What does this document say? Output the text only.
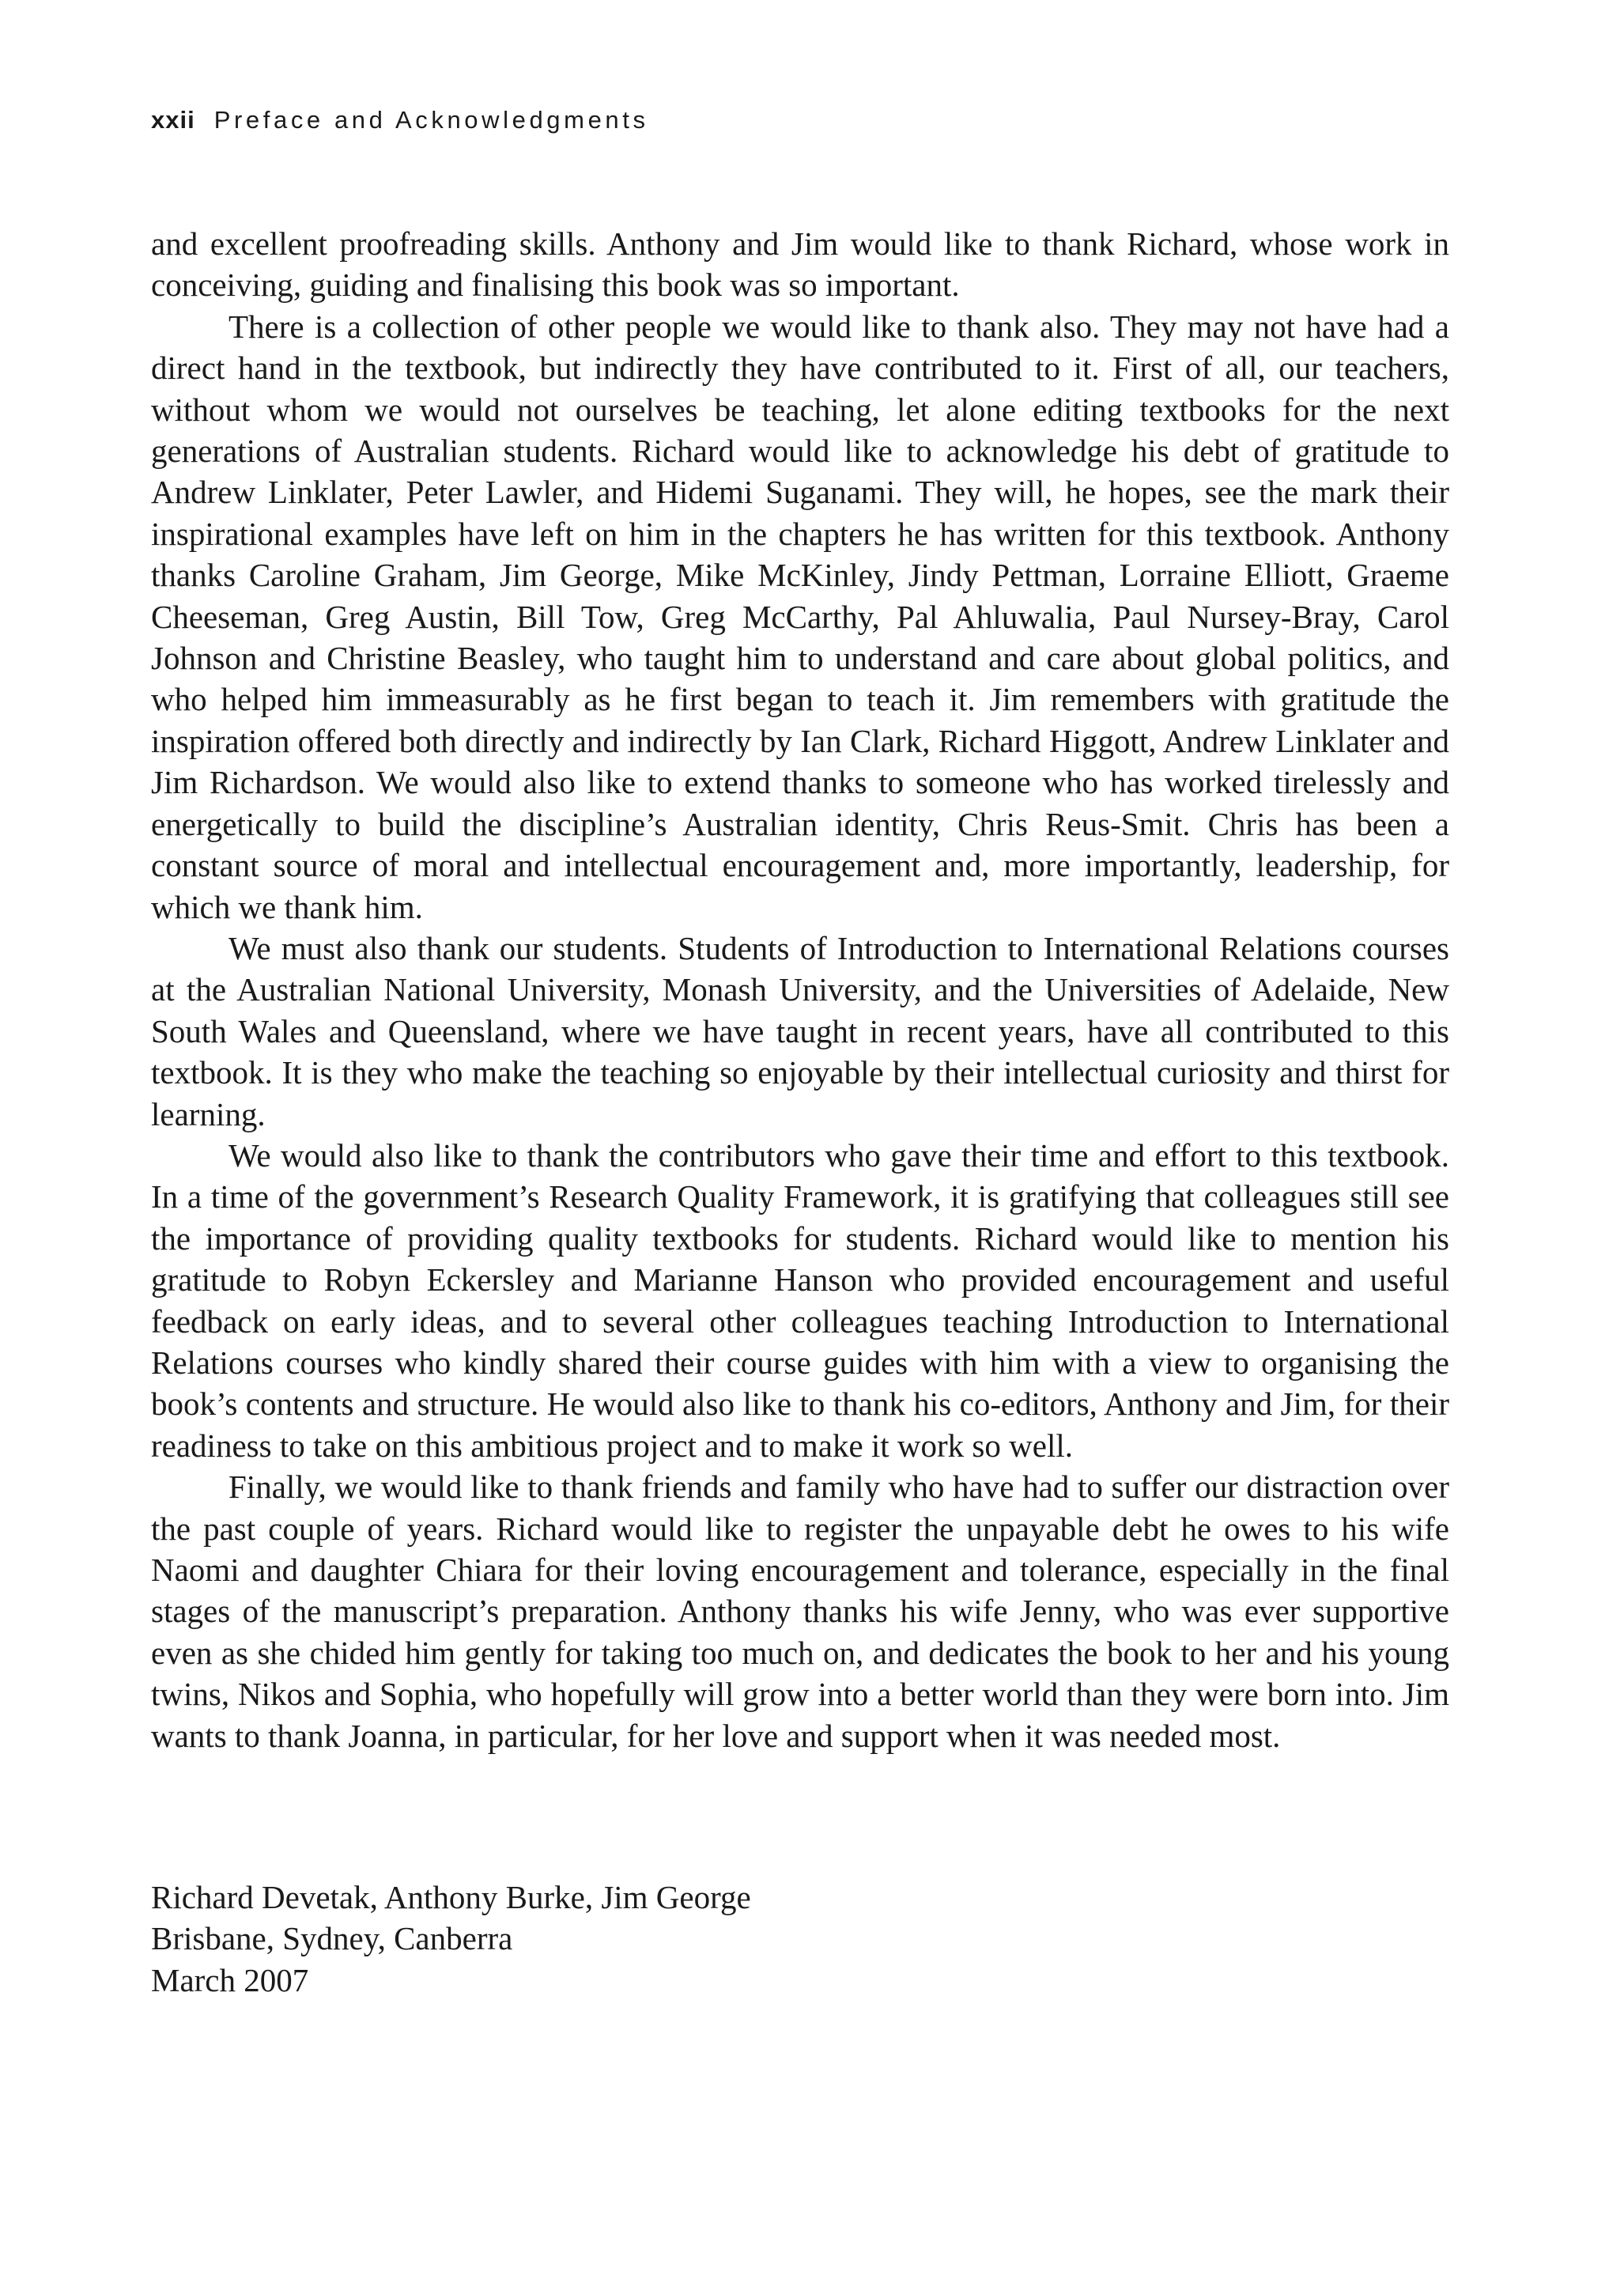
xxii Preface and Acknowledgments

and excellent proofreading skills. Anthony and Jim would like to thank Richard, whose work in conceiving, guiding and finalising this book was so important.

There is a collection of other people we would like to thank also. They may not have had a direct hand in the textbook, but indirectly they have contributed to it. First of all, our teachers, without whom we would not ourselves be teaching, let alone editing textbooks for the next generations of Australian students. Richard would like to acknowledge his debt of gratitude to Andrew Linklater, Peter Lawler, and Hidemi Suganami. They will, he hopes, see the mark their inspirational examples have left on him in the chapters he has written for this textbook. Anthony thanks Caroline Graham, Jim George, Mike McKinley, Jindy Pettman, Lorraine Elliott, Graeme Cheeseman, Greg Austin, Bill Tow, Greg McCarthy, Pal Ahluwalia, Paul Nursey-Bray, Carol Johnson and Christine Beasley, who taught him to understand and care about global politics, and who helped him immeasurably as he first began to teach it. Jim remembers with gratitude the inspiration offered both directly and indirectly by Ian Clark, Richard Higgott, Andrew Linklater and Jim Richardson. We would also like to extend thanks to someone who has worked tirelessly and energetically to build the discipline’s Australian identity, Chris Reus-Smit. Chris has been a constant source of moral and intellectual encouragement and, more importantly, leadership, for which we thank him.

We must also thank our students. Students of Introduction to International Relations courses at the Australian National University, Monash University, and the Universities of Adelaide, New South Wales and Queensland, where we have taught in recent years, have all contributed to this textbook. It is they who make the teaching so enjoyable by their intellectual curiosity and thirst for learning.

We would also like to thank the contributors who gave their time and effort to this textbook. In a time of the government’s Research Quality Framework, it is gratifying that colleagues still see the importance of providing quality textbooks for students. Richard would like to mention his gratitude to Robyn Eckersley and Marianne Hanson who provided encouragement and useful feedback on early ideas, and to several other colleagues teaching Introduction to International Relations courses who kindly shared their course guides with him with a view to organising the book’s contents and structure. He would also like to thank his co-editors, Anthony and Jim, for their readiness to take on this ambitious project and to make it work so well.

Finally, we would like to thank friends and family who have had to suffer our distraction over the past couple of years. Richard would like to register the unpayable debt he owes to his wife Naomi and daughter Chiara for their loving encouragement and tolerance, especially in the final stages of the manuscript’s preparation. Anthony thanks his wife Jenny, who was ever supportive even as she chided him gently for taking too much on, and dedicates the book to her and his young twins, Nikos and Sophia, who hopefully will grow into a better world than they were born into. Jim wants to thank Joanna, in particular, for her love and support when it was needed most.

Richard Devetak, Anthony Burke, Jim George
Brisbane, Sydney, Canberra
March 2007
